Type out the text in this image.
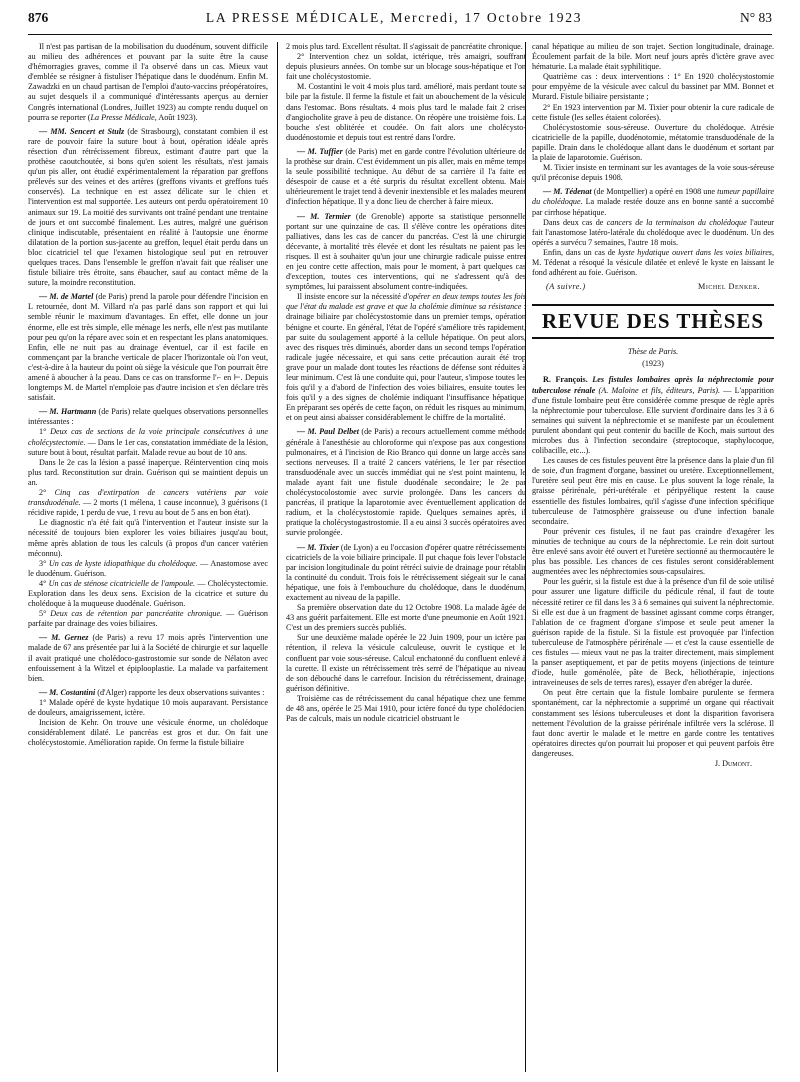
876	LA PRESSE MÉDICALE, Mercredi, 17 Octobre 1923	N° 83

Il n'est pas partisan de la mobilisation du duodénum, souvent difficile au milieu des adhérences et pouvant par la suite être la cause d'hémorragies graves, comme il l'a observé dans un cas. Mieux vaut d'emblée se résigner à fistuliser l'hépatique dans le duodénum. Enfin M. Zawadzki en un chaud partisan de l'emploi d'auto-vaccins préopératoires, au sujet desquels il a communiqué d'intéressants aperçus au dernier Congrès international (Londres, Juillet 1923) au compte rendu duquel on pourra se reporter (La Presse Médicale, Août 1923).

— MM. Sencert et Stulz (de Strasbourg), constatant combien il est rare de pouvoir faire la suture bout à bout, opération idéale après résection d'un rétrécissement fibreux, estimant d'autre part que la prothèse caoutchoutée, si bons qu'en soient les résultats, n'est jamais qu'un pis aller, ont étudié expérimentalement la réparation par greffons prélevés sur des veines et des artères (greffons vivants et greffons tués conservés). La technique en est assez délicate sur le chien et l'intervention est mal supportée. Les auteurs ont perdu opératoirement 10 animaux sur 19. La moitié des survivants ont traîné pendant une trentaine de jours et ont succombé finalement. Les autres, malgré une guérison clinique indiscutable, présentaient en réalité à l'autopsie une énorme dilatation de la portion sus-jacente au greffon, lequel était perdu dans un bloc cicatriciel tel que l'examen histologique seul put en retrouver quelques traces. Dans l'ensemble le greffon n'avait fait que réaliser une fistule biliaire très étroite, sans ébaucher, sauf au contact même de la suture, la moindre reconstitution.

— M. de Martel (de Paris) prend la parole pour défendre l'incision en L retournée, dont M. Villard n'a pas parlé dans son rapport et qui lui semble réunir le maximum d'avantages. En effet, elle donne un jour énorme, elle est très simple, elle ménage les nerfs, elle n'est pas mutilante pour peu qu'on la répare avec soin et en respectant les plans anatomiques. Enfin, elle ne nuit pas au drainage éventuel, car il est facile en commençant par la branche verticale de placer l'horizontale où l'on veut, c'est-à-dire à la hauteur du point où siège la vésicule que l'on pourrait être amené à aboucher à la peau. Dans ce cas on transforme l'⌐ en ⊢. Depuis longtemps M. de Martel n'emploie pas d'autre incision et s'en déclare très satisfait.

— M. Hartmann (de Paris) relate quelques observations personnelles intéressantes :

1° Deux cas de sections de la voie principale consécutives à une cholécystectomie. — Dans le 1er cas, constatation immédiate de la lésion, suture bout à bout, résultat parfait. Malade revue au bout de 10 ans.

Dans le 2e cas la lésion a passé inaperçue. Réintervention cinq mois plus tard. Reconstitution sur drain. Guérison qui se maintient depuis un an.

2° Cinq cas d'extirpation de cancers vatériens par voie transduodénale. — 2 morts (1 mélena, 1 cause inconnue), 3 guérisons (1 récidive rapide, 1 perdu de vue, 1 revu au bout de 5 ans en bon état).

Le diagnostic n'a été fait qu'à l'intervention et l'auteur insiste sur la nécessité de toujours bien explorer les voies biliaires jusqu'au bout, même après ablation de tous les calculs (à propos d'un cancer vatérien méconnu).

3° Un cas de kyste idiopathique du cholédoque. — Anastomose avec le duodénum. Guérison.

4° Un cas de sténose cicatricielle de l'ampoule. — Cholécystectomie. Exploration dans les deux sens. Excision de la cicatrice et suture du cholédoque à la muqueuse duodénale. Guérison.

5° Deux cas de rétention par pancréatite chronique. — Guérison parfaite par drainage des voies biliaires.

— M. Gernez (de Paris) a revu 17 mois après l'intervention une malade de 67 ans présentée par lui à la Société de chirurgie et sur laquelle il avait pratiqué une cholédoco-gastrostomie sur sonde de Nélaton avec enfouissement à la Witzel et épiplooplastie. La malade va parfaitement bien.

— M. Costantini (d'Alger) rapporte les deux observations suivantes :

1° Malade opéré de kyste hydatique 10 mois auparavant. Persistance de douleurs, amaigrissement, ictère.

Incision de Kehr. On trouve une vésicule énorme, un cholédoque considérablement dilaté. Le pancréas est gros et dur. On fait une cholécystostomie. Amélioration rapide. On ferme la fistule biliaire

2 mois plus tard. Excellent résultat. Il s'agissait de pancréatite chronique.

2° Intervention chez un soldat, ictérique, très amaigri, souffrant depuis plusieurs années. On tombe sur un blocage sous-hépatique et l'on fait une cholécystostomie.

M. Costantini le voit 4 mois plus tard. amélioré, mais perdant toute sa bile par la fistule. Il ferme la fistule et fait un abouchement de la vésicule dans l'estomac. Bons résultats. 4 mois plus tard le malade fait 2 crises d'angiocholite grave à peu de distance. On réopère une troisième fois. La bouche s'est oblitérée et coudée. On fait alors une cholécysto-duodénostomie et depuis tout est rentré dans l'ordre.

— M. Tuffier (de Paris) met en garde contre l'évolution ultérieure de la prothèse sur drain. C'est évidemment un pis aller, mais en même temps la seule possibilité technique. Au début de sa carrière il l'a faite en désespoir de cause et a été surpris du résultat excellent obtenu. Mais ultérieurement le trajet tend à devenir inextensible et les malades meurent d'infection hépatique. Il y a donc lieu de chercher à faire mieux.

— M. Termier (de Grenoble) apporte sa statistique personnelle portant sur une quinzaine de cas. Il s'élève contre les opérations dites palliatives, dans les cas de cancer du pancréas. C'est là une chirurgie décevante, à mortalité très élevée et dont les résultats ne paient pas les risques. Il est à souhaiter qu'un jour une chirurgie radicale puisse entrer en jeu contre cette affection, mais pour le moment, à part quelques cas d'exception, toutes ces interventions, qui ne s'adressent qu'à des symptômes, lui paraissent absolument contre-indiquées.

Il insiste encore sur la nécessité d'opérer en deux temps toutes les fois que l'état du malade est grave et que la cholémie diminue sa résistance : drainage biliaire par cholécystostomie dans un premier temps, opération bénigne et courte. En général, l'état de l'opéré s'améliore très rapidement, par suite du soulagement apporté à la cellule hépatique. On peut alors, avec des risques très diminués, aborder dans un second temps l'opération radicale jugée nécessaire, et qui sans cette précaution aurait été trop grave pour un malade dont toutes les réactions de défense sont réduites à leur minimum. C'est là une conduite qui, pour l'auteur, s'impose toutes les fois qu'il y a d'abord de l'infection des voies biliaires, ensuite toutes les fois qu'il y a des signes de cholémie indiquant l'insuffisance hépatique. En préparant ses opérés de cette façon, on réduit les risques au minimum, et on peut ainsi abaisser considérablement le chiffre de la mortalité.

— M. Paul Delbet (de Paris) a recours actuellement comme méthode générale à l'anesthésie au chloroforme qui n'expose pas aux congestions pulmonaires, et à l'incision de Rio Branco qui donne un large accès sans sections nerveuses. Il a traité 2 cancers vatériens, le 1er par résection transduodénale avec un succès immédiat qui ne s'est point maintenu, le malade ayant fait une fistule duodénale secondaire; le 2e par cholécystocolostomie avec survie prolongée. Dans les cancers du pancréas, il pratique la laparotomie avec éventuellement application de radium, et la cholécystostomie rapide. Quelques semaines après, il pratique la cholécystogastrostomie. Il a eu ainsi 3 succès opératoires avec survie prolongée.

— M. Tixier (de Lyon) a eu l'occasion d'opérer quatre rétrécissements cicatriciels de la voie biliaire principale. Il put chaque fois lever l'obstacle par incision longitudinale du point rétréci suivie de drainage pour rétablir la continuité du conduit. Trois fois le rétrécissement siégeait sur le canal hépatique, une fois à l'embouchure du cholédoque, dans le duodénum, exactement au niveau de la papille.

Sa première observation date du 12 Octobre 1908. La malade âgée de 43 ans guérit parfaitement. Elle est morte d'une pneumonie en Août 1921. C'est un des premiers succès publiés.

Sur une deuxième malade opérée le 22 Juin 1909, pour un ictère par rétention, il releva la vésicule calculeuse, ouvrit le cystique et le confluent par voie sous-séreuse. Calcul enchatonné du confluent enlevé à la curette. Il existe un rétrécissement très serré de l'hépatique au niveau de son débouché dans le carrefour. Incision du rétrécissement, drainage, guérison définitive.

Troisième cas de rétrécissement du canal hépatique chez une femme de 48 ans, opérée le 25 Mai 1910, pour ictère foncé du type cholédocien. Pas de calculs, mais un nodule cicatriciel obstruant le

canal hépatique au milieu de son trajet. Section longitudinale, drainage. Écoulement parfait de la bile. Mort neuf jours après d'ictère grave avec hématurie. La malade était syphilitique.

Quatrième cas : deux interventions : 1° En 1920 cholécystostomie pour empyème de la vésicule avec calcul du bassinet par MM. Bonnet et Murard. Fistule biliaire persistante ;

2° En 1923 intervention par M. Tixier pour obtenir la cure radicale de cette fistule (les selles étaient colorées).

Cholécystostomie sous-séreuse. Ouverture du cholédoque. Atrésie cicatricielle de la papille, duodénotomie, métatomie transduodénale de la papille. Drain dans le cholédoque allant dans le duodénum et sortant par la plaie de laparotomie. Guérison.

M. Tixier insiste en terminant sur les avantages de la voie sous-séreuse qu'il préconise depuis 1908.

— M. Tédenat (de Montpellier) a opéré en 1908 une tumeur papillaire du cholédoque. La malade restée douze ans en bonne santé a succombé par cirrhose hépatique.

Dans deux cas de cancers de la terminaison du cholédoque l'auteur fait l'anastomose latéro-latérale du cholédoque avec le duodénum. Un des opérés a survécu 7 semaines, l'autre 18 mois.

Enfin, dans un cas de kyste hydatique ouvert dans les voies biliaires, M. Tédenat a résoqué la vésicule dilatée et enlevé le kyste en laissant le fond adhérent au foie. Guérison.

(A suivre.)	Michel Denker.
REVUE DES THÈSES

Thèse de Paris.

(1923)

R. François. Les fistules lombaires après la néphrectomie pour tuberculose rénale (A. Maloine et fils, éditeurs, Paris). — L'apparition d'une fistule lombaire peut être considérée comme presque de règle après la néphrectomie pour tuberculose. Elle survient d'ordinaire dans les 3 à 6 semaines qui suivent la néphrectomie et se manifeste par un écoulement purulent abondant qui peut contenir du bacille de Koch, mais surtout des microbes dus à l'infection secondaire (streptocoque, staphylocoque, colibacille, etc...).

Les causes de ces fistules peuvent être la présence dans la plaie d'un fil de soie, d'un fragment d'organe, bassinet ou uretère. Exceptionnellement, l'uretère seul peut être mis en cause. Le plus souvent la loge rénale, la graisse périrénale, péri-urétérale et péripyélique restent la cause essentielle des fistules lombaires, qu'il s'agisse d'une infection spécifique tuberculeuse de l'atmosphère graisseuse ou d'une infection banale secondaire.

Pour prévenir ces fistules, il ne faut pas craindre d'exagérer les minuties de technique au cours de la néphrectomie. Le rein doit surtout être enlevé sans avoir été ouvert et l'uretère sectionné au thermocautère le plus bas possible. Les chances de ces fistules seront considérablement augmentées avec les néphrectomies sous-capsulaires.

Pour les guérir, si la fistule est due à la présence d'un fil de soie utilisé pour assurer une ligature difficile du pédicule rénal, il faut de toute nécessité retirer ce fil dans les 3 à 6 semaines qui suivent la néphrectomie. Si elle est due à un fragment de bassinet agissant comme corps étranger, l'ablation de ce fragment d'organe s'impose et seule peut amener la guérison rapide de la fistule. Si la fistule est provoquée par l'infection tuberculeuse de l'atmosphère périrénale — et c'est la cause essentielle de ces fistules — mieux vaut ne pas la traiter directement, mais simplement la panser aseptiquement, et par de petits moyens (injections de teinture d'iode, huile goménolée, pâte de Beck, héliothérapie, injections intraveineuses de sels de terres rares), essayer d'en abréger la durée.

On peut être certain que la fistule lombaire purulente se fermera spontanément, car la néphrectomie a supprimé un organe qui réactivait constamment ses lésions tuberculeuses et dont la disparition favorisera nettement l'évolution de la graisse périrénale infiltrée vers la sclérose. Il faut donc avertir le malade et le mettre en garde contre les tentatives opératoires directes qu'on pourrait lui proposer et qui peuvent parfois être dangereuses.

J. Dumont.
